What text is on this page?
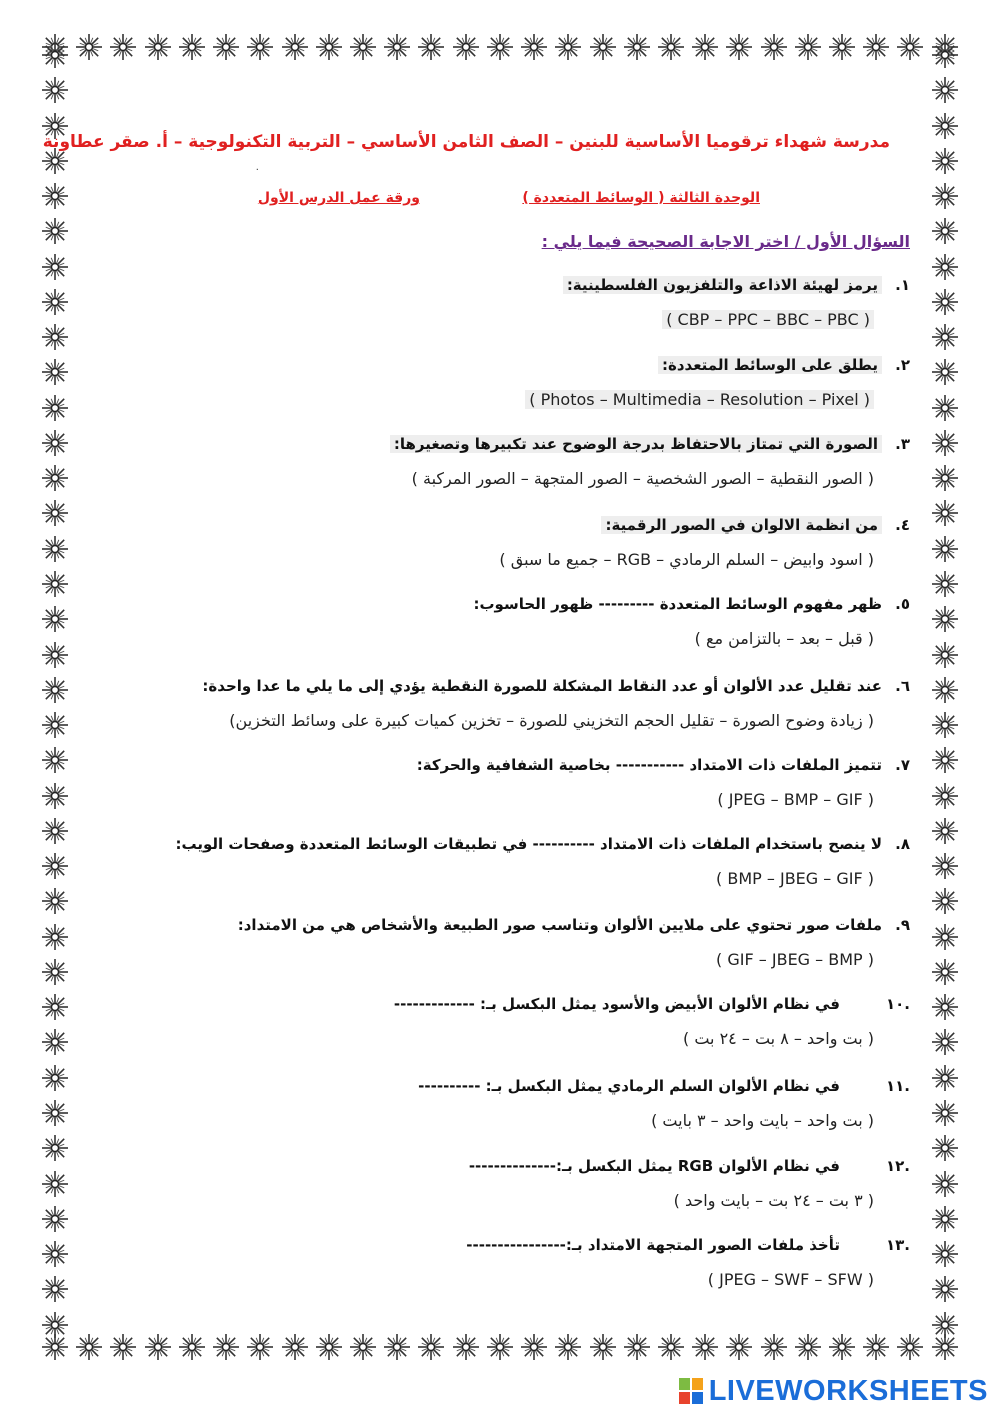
مدرسة شهداء ترقوميا الأساسية للبنين – الصف الثامن الأساسي – التربية التكنولوجية – أ. صقر عطاونة
٠
الوحدة الثالثة ( الوسائط المتعددة )
ورقة عمل الدرس الأول
السؤال الأول / اختر الاجابة الصحيحة فيما يلي :
١.
يرمز لهيئة الاذاعة والتلفزيون الفلسطينية:
( CBP – PPC – BBC – PBC )
٢.
يطلق على الوسائط المتعددة:
( Photos – Multimedia – Resolution – Pixel )
٣.
الصورة التي تمتاز بالاحتفاظ بدرجة الوضوح عند تكبيرها وتصغيرها:
( الصور النقطية – الصور الشخصية – الصور المتجهة – الصور المركبة )
٤.
من انظمة الالوان في الصور الرقمية:
( اسود وابيض – السلم الرمادي – RGB – جميع ما سبق )
٥.
ظهر مفهوم الوسائط المتعددة --------- ظهور الحاسوب:
( قبل – بعد – بالتزامن مع )
٦.
عند تقليل عدد الألوان أو عدد النقاط المشكلة للصورة النقطية يؤدي إلى ما يلي ما عدا واحدة:
( زيادة وضوح الصورة – تقليل الحجم التخزيني للصورة – تخزين كميات كبيرة على وسائط التخزين)
٧.
تتميز الملفات ذات الامتداد ----------- بخاصية الشفافية والحركة:
( JPEG – BMP – GIF )
٨.
لا ينصح باستخدام الملفات ذات الامتداد ---------- في تطبيقات الوسائط المتعددة وصفحات الويب:
( BMP – JBEG – GIF )
٩.
ملفات صور تحتوي على ملايين الألوان وتناسب صور الطبيعة والأشخاص هي من الامتداد:
( GIF – JBEG – BMP )
.١٠
في نظام الألوان الأبيض والأسود يمثل البكسل بـ: -------------
( بت واحد – ٨ بت – ٢٤ بت )
.١١
في نظام الألوان السلم الرمادي يمثل البكسل بـ: ----------
( بت واحد – بايت واحد – ٣ بايت )
.١٢
في نظام الألوان RGB يمثل البكسل بـ:--------------
( ٣ بت – ٢٤ بت – بايت واحد )
.١٣
تأخذ ملفات الصور المتجهة الامتداد بـ:----------------
( JPEG – SWF – SFW )
LIVEWORKSHEETS
